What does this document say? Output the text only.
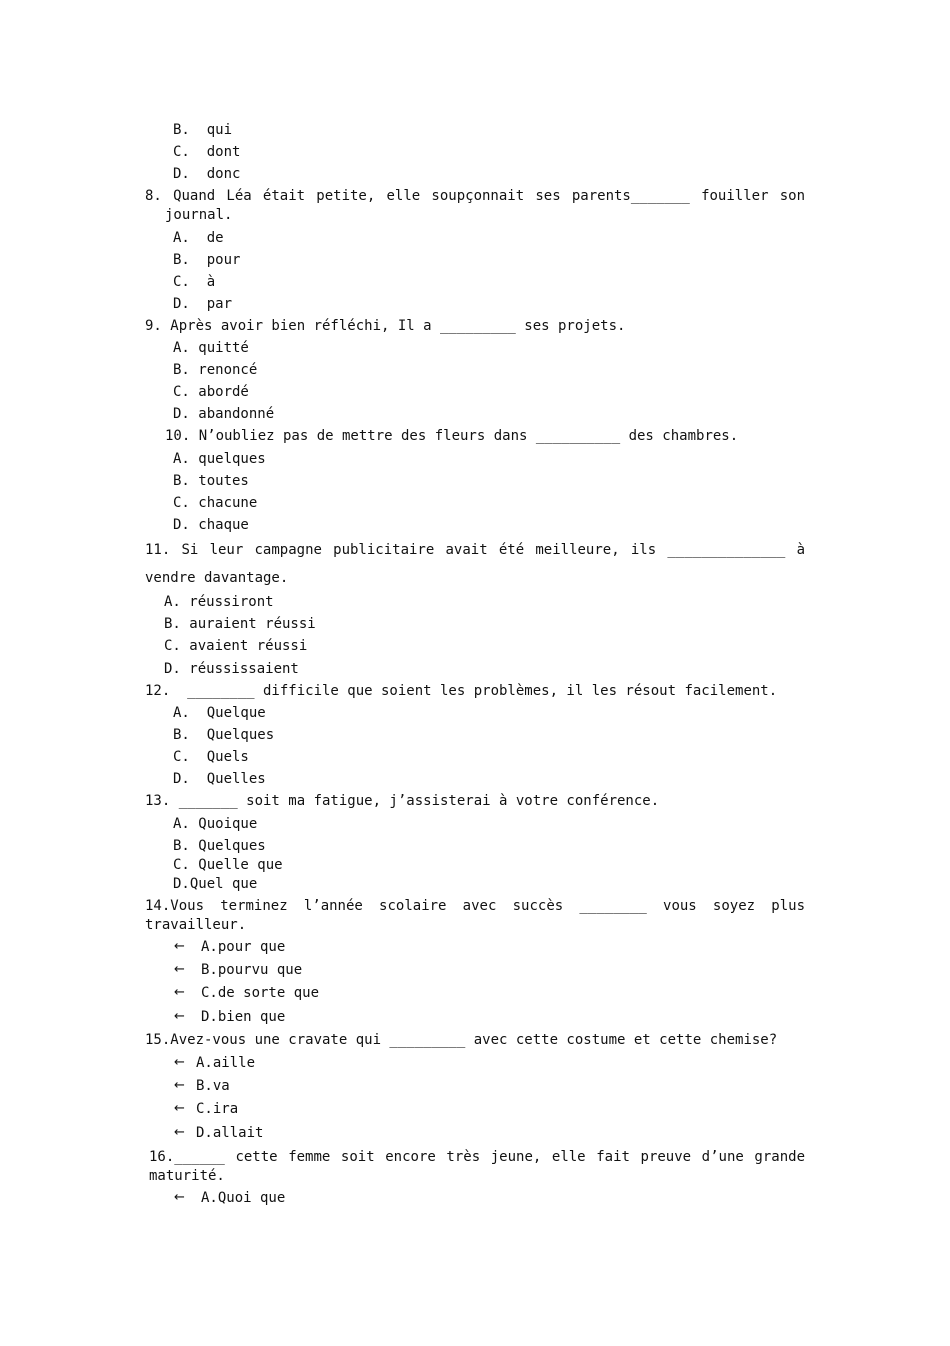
B.  qui
C.  dont
D.  donc
8. Quand Léa était petite, elle soupçonnait ses parents_______ fouiller son
journal.
A.  de
B.  pour
C.  à
D.  par
9. Après avoir bien réfléchi, Il a _________ ses projets.
A. quitté
B. renoncé
C. abordé
D. abandonné
10. N’oubliez pas de mettre des fleurs dans __________ des chambres.
A. quelques
B. toutes
C. chacune
D. chaque
11. Si leur campagne publicitaire avait été meilleure, ils ______________ à
vendre davantage.
A. réussiront
B. auraient réussi
C. avaient réussi
D. réussissaient
12.  ________ difficile que soient les problèmes, il les résout facilement.
A.  Quelque
B.  Quelques
C.  Quels
D.  Quelles
13. _______ soit ma fatigue, j’assisterai à votre conférence.
A. Quoique
B. Quelques
C. Quelle que
D.Quel que
14.Vous terminez l’année scolaire avec succès ________ vous soyez plus
travailleur.
← A.pour que
← B.pourvu que
← C.de sorte que
← D.bien que
15.Avez-vous une cravate qui _________ avec cette costume et cette chemise?
← A.aille
← B.va
← C.ira
← D.allait
16.______ cette femme soit encore très jeune, elle fait preuve d’une grande
maturité.
← A.Quoi que
